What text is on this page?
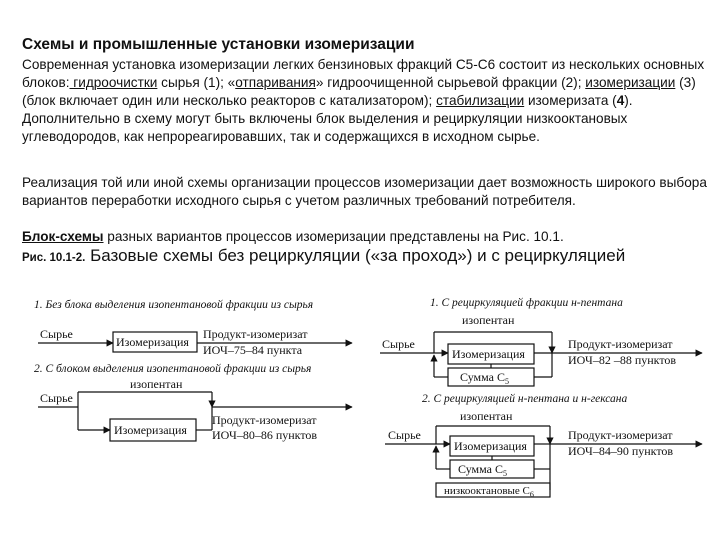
Схемы и промышленные установки изомеризации
Современная установка изомеризации легких бензиновых фракций С5-С6 состоит из нескольких основных блоков: гидроочистки сырья (1); «отпаривания» гидроочищенной сырьевой фракции (2); изомеризации (3) (блок включает один или несколько реакторов с катализатором); стабилизации изомеризата (4). Дополнительно в схему могут быть включены блок выделения и рециркуляции низкооктановых углеводородов, как непрореагировавших, так и содержащихся в исходном сырье.
Реализация той или иной схемы организации процессов изомеризации дает возможность широкого выбора вариантов переработки исходного сырья с учетом различных требований потребителя.
Блок-схемы разных вариантов процессов изомеризации представлены на Рис. 10.1.
Рис. 10.1-2. Базовые схемы без рециркуляции («за проход») и с рециркуляцией
1. Без блока выделения изопентановой фракции из сырья
Сырье
Изомеризация
Продукт-изомеризат
ИОЧ–75–84 пункта
2. С блоком выделения изопентановой фракции из сырья
изопентан
Сырье
Изомеризация
Продукт-изомеризат
ИОЧ–80–86 пунктов
1. С рециркуляцией фракции н-пентана
изопентан
Сырье
Изомеризация
Сумма $С_5$
Продукт-изомеризат
ИОЧ–82 –88 пунктов
2. С рециркуляцией н-пентана и н-гексана
изопентан
Сырье
Изомеризация
Сумма $С_5$
Продукт-изомеризат
ИОЧ–84–90 пунктов
низкооктановые $С_6$
